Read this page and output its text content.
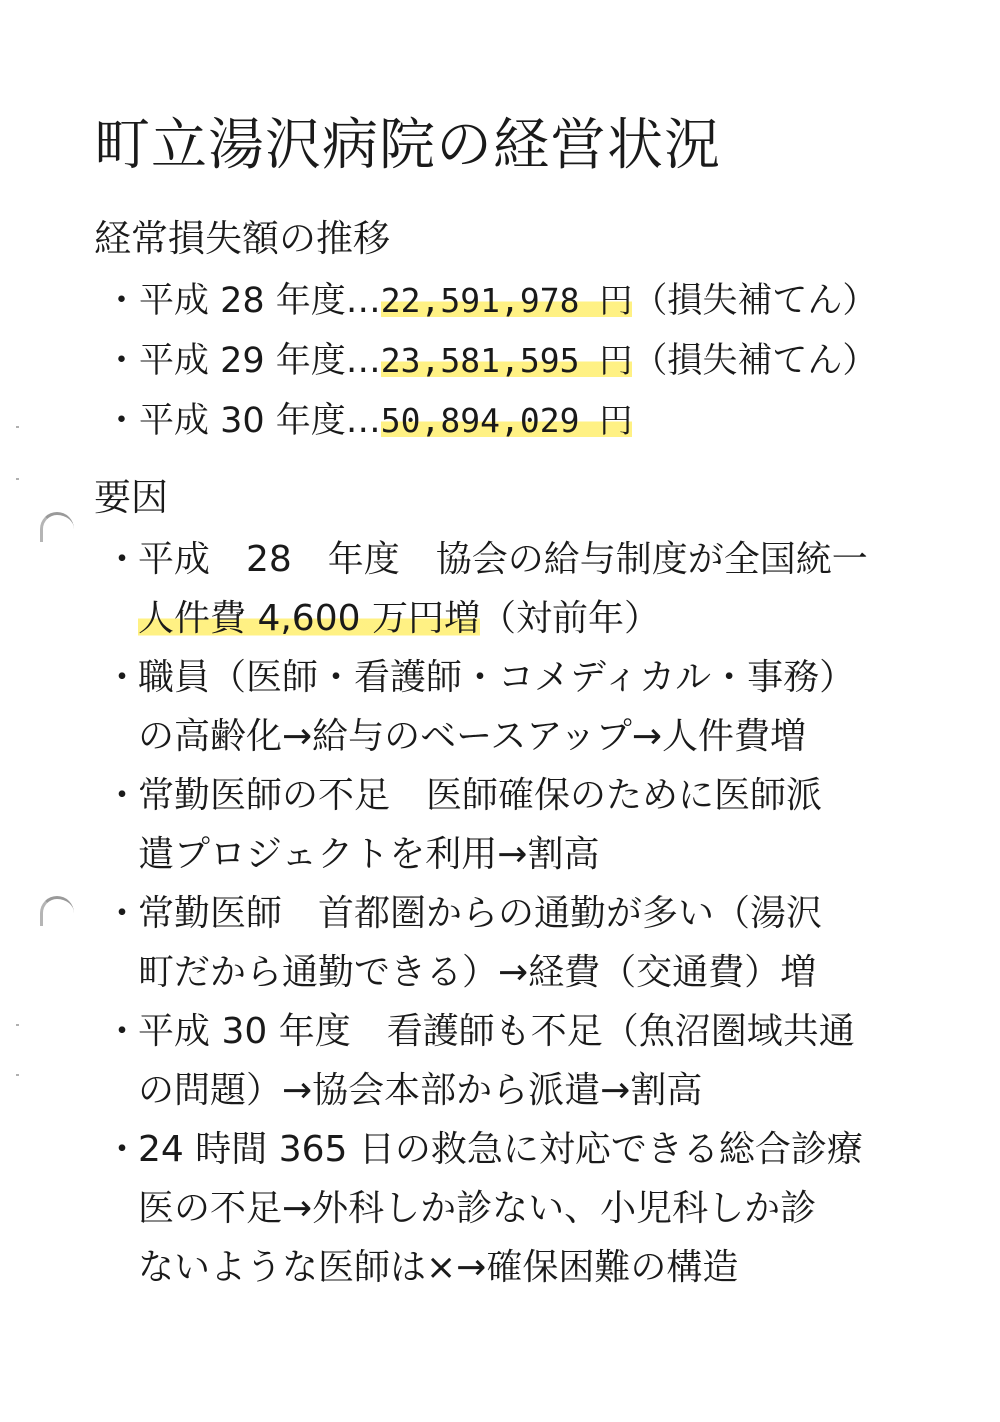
町立湯沢病院の経営状況
経常損失額の推移
・平成 28 年度…22,591,978 円（損失補てん）
・平成 29 年度…23,581,595 円（損失補てん）
・平成 30 年度…50,894,029 円
要因
・平成　28　年度　協会の給与制度が全国統一
人件費 4,600 万円増（対前年）
・職員（医師・看護師・コメディカル・事務）
の高齢化→給与のベースアップ→人件費増
・常勤医師の不足　医師確保のために医師派
遣プロジェクトを利用→割高
・常勤医師　首都圏からの通勤が多い（湯沢
町だから通勤できる）→経費（交通費）増
・平成 30 年度　看護師も不足（魚沼圏域共通
の問題）→協会本部から派遣→割高
・24 時間 365 日の救急に対応できる総合診療
医の不足→外科しか診ない、小児科しか診
ないような医師は×→確保困難の構造
